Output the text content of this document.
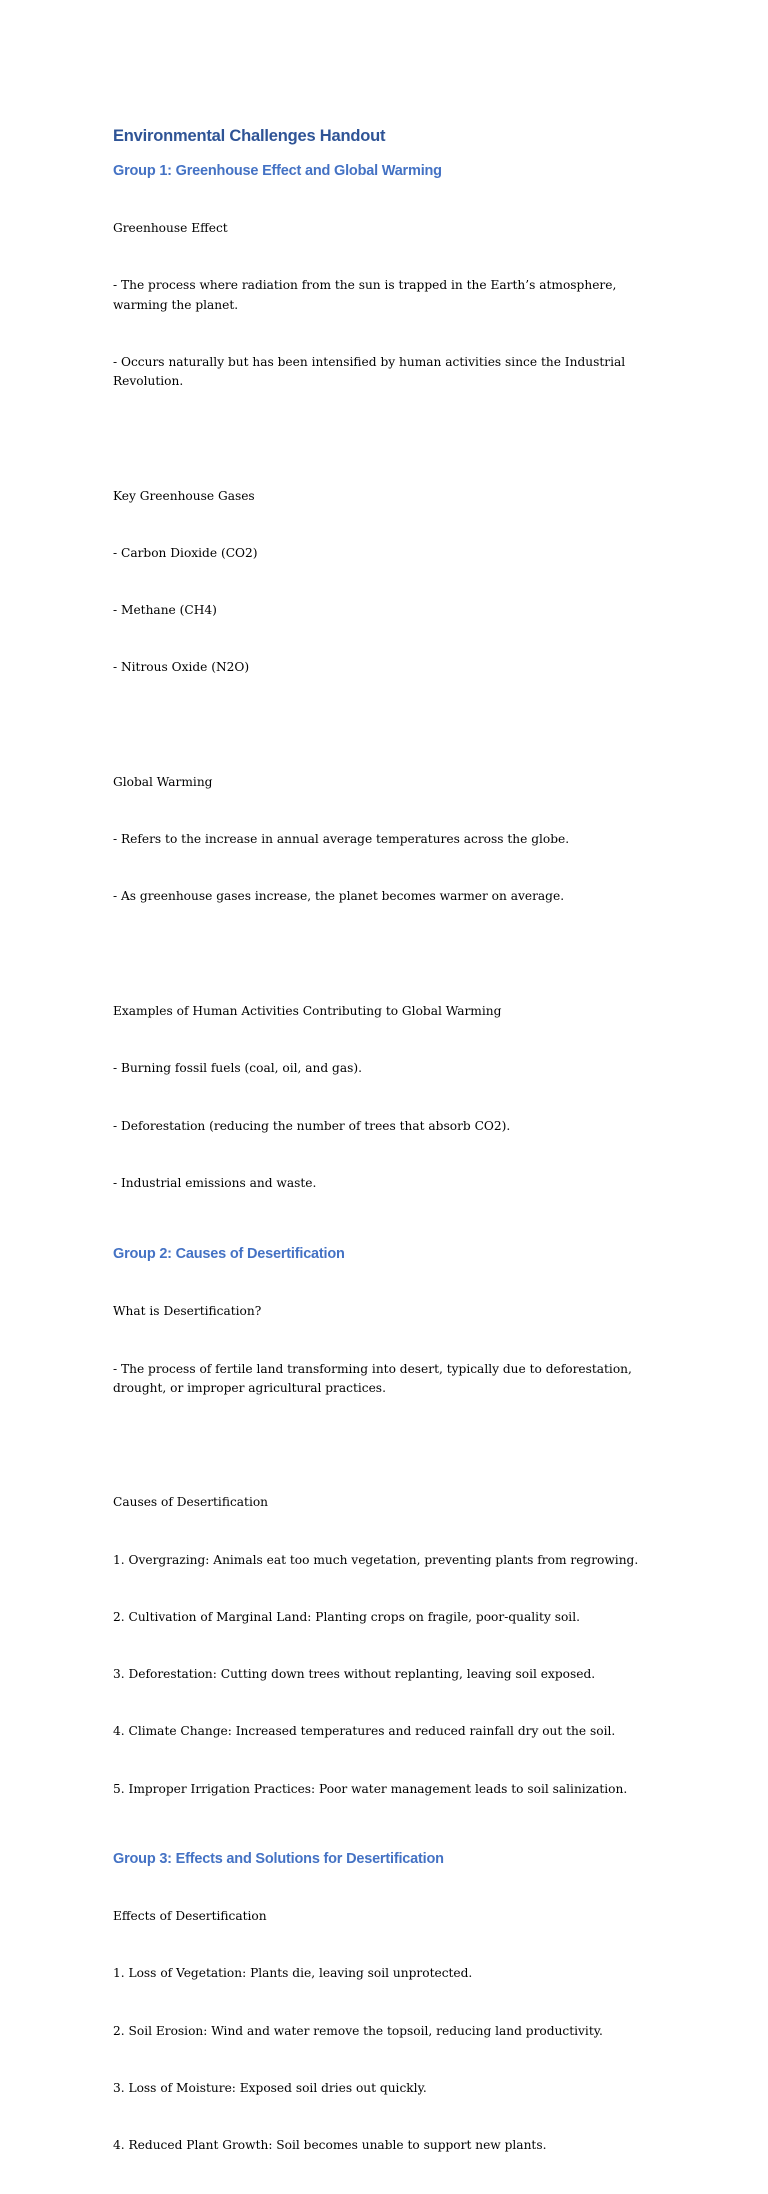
Environmental Challenges Handout
Group 1: Greenhouse Effect and Global Warming

Greenhouse Effect

- The process where radiation from the sun is trapped in the Earth’s atmosphere, warming the planet.

- Occurs naturally but has been intensified by human activities since the Industrial Revolution.

Key Greenhouse Gases

- Carbon Dioxide (CO2)

- Methane (CH4)

- Nitrous Oxide (N2O)

Global Warming

- Refers to the increase in annual average temperatures across the globe.

- As greenhouse gases increase, the planet becomes warmer on average.

Examples of Human Activities Contributing to Global Warming

- Burning fossil fuels (coal, oil, and gas).

- Deforestation (reducing the number of trees that absorb CO2).

- Industrial emissions and waste.

Group 2: Causes of Desertification

What is Desertification?

- The process of fertile land transforming into desert, typically due to deforestation, drought, or improper agricultural practices.

Causes of Desertification

1. Overgrazing: Animals eat too much vegetation, preventing plants from regrowing.

2. Cultivation of Marginal Land: Planting crops on fragile, poor-quality soil.

3. Deforestation: Cutting down trees without replanting, leaving soil exposed.

4. Climate Change: Increased temperatures and reduced rainfall dry out the soil.

5. Improper Irrigation Practices: Poor water management leads to soil salinization.

Group 3: Effects and Solutions for Desertification

Effects of Desertification

1. Loss of Vegetation: Plants die, leaving soil unprotected.

2. Soil Erosion: Wind and water remove the topsoil, reducing land productivity.

3. Loss of Moisture: Exposed soil dries out quickly.

4. Reduced Plant Growth: Soil becomes unable to support new plants.
